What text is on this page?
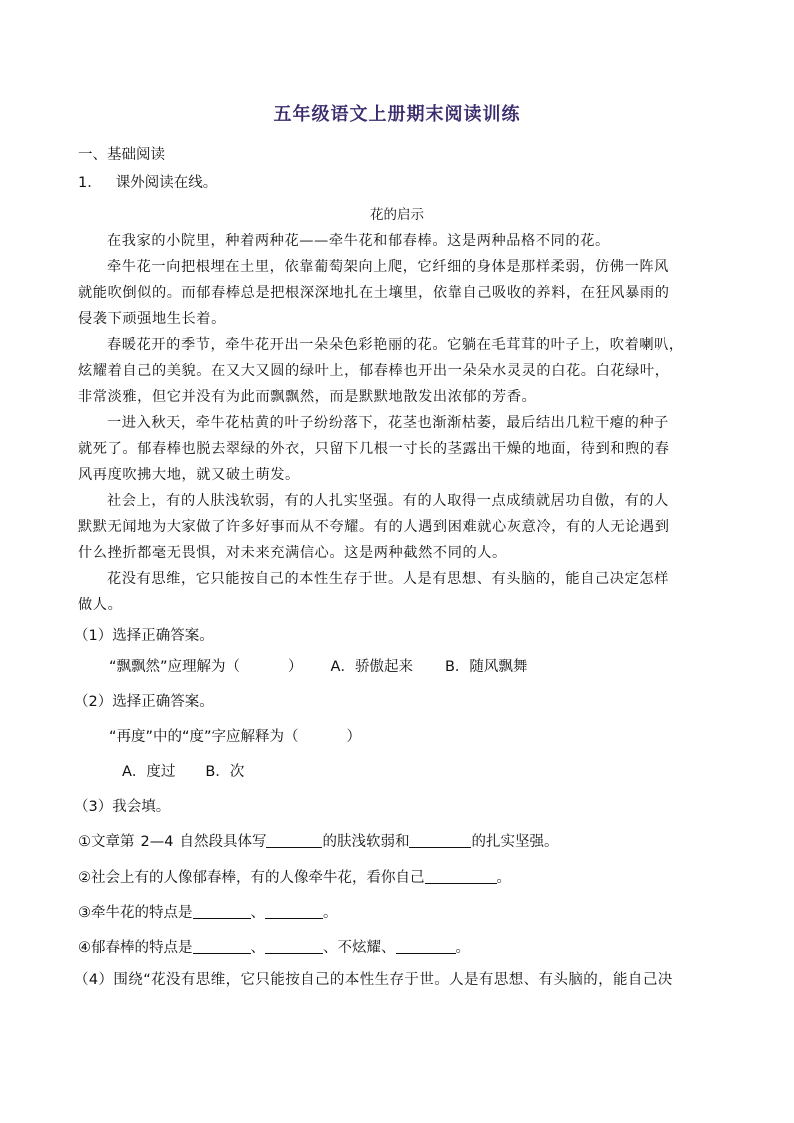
五年级语文上册期末阅读训练
一、基础阅读
1． 课外阅读在线。
花的启示
在我家的小院里，种着两种花——牵牛花和郁春棒。这是两种品格不同的花。
牵牛花一向把根埋在土里，依靠葡萄架向上爬，它纤细的身体是那样柔弱，仿佛一阵风
就能吹倒似的。而郁春棒总是把根深深地扎在土壤里，依靠自己吸收的养料，在狂风暴雨的
侵袭下顽强地生长着。
春暖花开的季节，牵牛花开出一朵朵色彩艳丽的花。它躺在毛茸茸的叶子上，吹着喇叭，
炫耀着自己的美貌。在又大又圆的绿叶上，郁春棒也开出一朵朵水灵灵的白花。白花绿叶，
非常淡雅，但它并没有为此而飘飘然，而是默默地散发出浓郁的芳香。
一进入秋天，牵牛花枯黄的叶子纷纷落下，花茎也渐渐枯萎，最后结出几粒干瘪的种子
就死了。郁春棒也脱去翠绿的外衣，只留下几根一寸长的茎露出干燥的地面，待到和煦的春
风再度吹拂大地，就又破土萌发。
社会上，有的人肤浅软弱，有的人扎实坚强。有的人取得一点成绩就居功自傲，有的人
默默无闻地为大家做了许多好事而从不夸耀。有的人遇到困难就心灰意冷，有的人无论遇到
什么挫折都毫无畏惧，对未来充满信心。这是两种截然不同的人。
花没有思维，它只能按自己的本性生存于世。人是有思想、有头脑的，能自己决定怎样
做人。
（1）选择正确答案。
“飘飘然”应理解为（	） A．骄傲起来 B．随风飘舞
（2）选择正确答案。
“再度”中的“度”字应解释为（	）
A．度过 B．次
（3）我会填。
①文章第 2—4 自然段具体写	的肤浅软弱和	的扎实坚强。
②社会上有的人像郁春棒，有的人像牵牛花，看你自己	。
③牵牛花的特点是	、	。
④郁春棒的特点是	、	、不炫耀、	。
（4）围绕“花没有思维，它只能按自己的本性生存于世。人是有思想、有头脑的，能自己决
